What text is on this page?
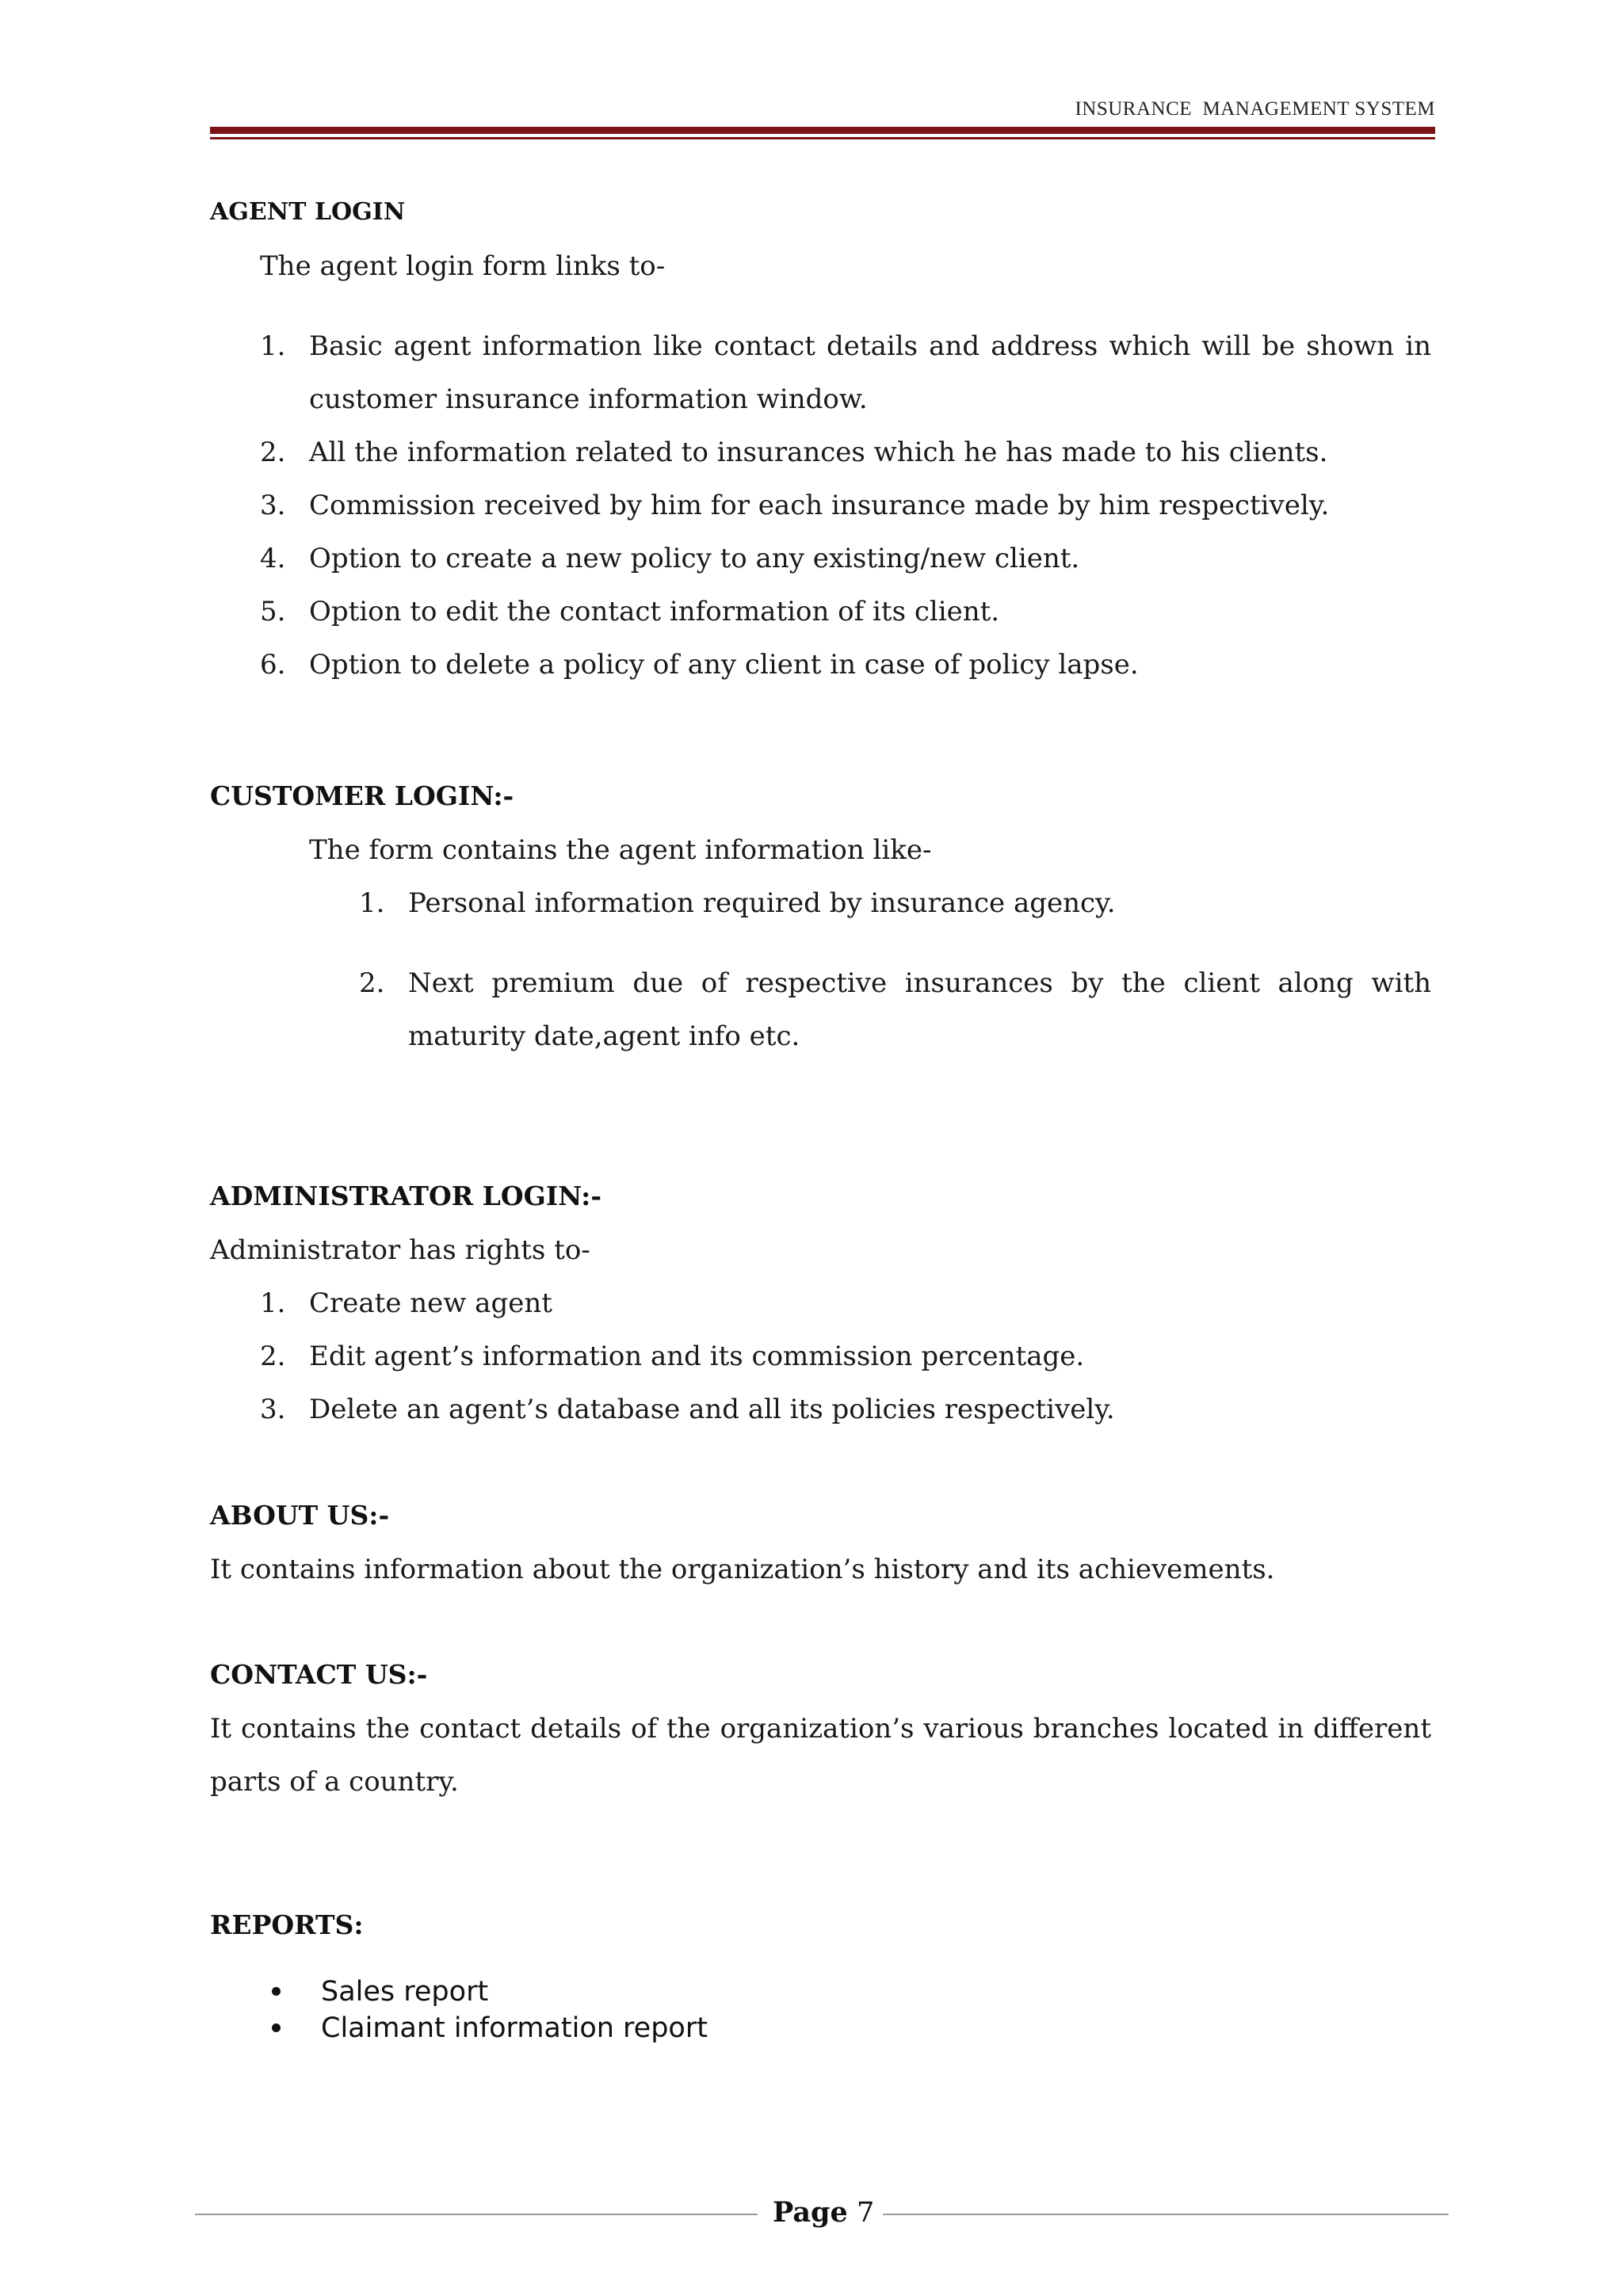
INSURANCE  MANAGEMENT SYSTEM
AGENT LOGIN
The agent login form links to-
1. Basic agent information like contact details and address which will be shown in customer insurance information window.
2. All the information related to insurances which he has made to his clients.
3. Commission received by him for each insurance made by him respectively.
4. Option to create a new policy to any existing/new client.
5. Option to edit the contact information of its client.
6. Option to delete a policy of any client in case of policy lapse.
CUSTOMER LOGIN:-
The form contains the agent information like-
1. Personal information required by insurance agency.
2. Next premium due of respective insurances by the client along with maturity date,agent info etc.
ADMINISTRATOR LOGIN:-
Administrator has rights to-
1. Create new agent
2. Edit agent’s information and its commission percentage.
3. Delete an agent’s database and all its policies respectively.
ABOUT US:-
It contains information about the organization’s history and its achievements.
CONTACT US:-
It contains the contact details of the organization’s various branches located in different parts of a country.
REPORTS:
Sales report
Claimant information report
Page 7
